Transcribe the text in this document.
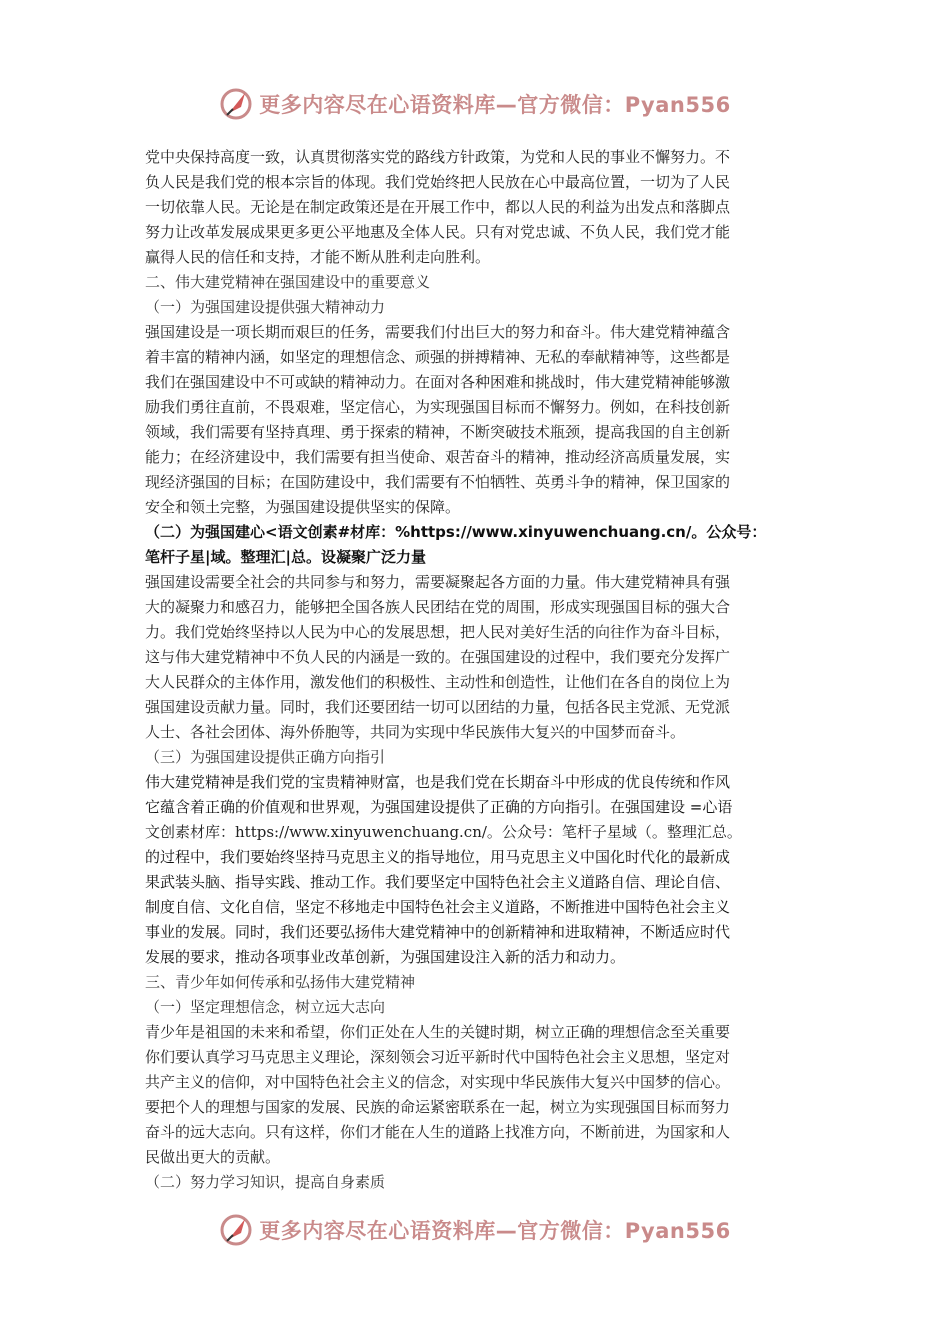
更多内容尽在心语资料库—官方微信：Pyan556

党中央保持高度一致，认真贯彻落实党的路线方针政策，为党和人民的事业不懈努力。不

负人民是我们党的根本宗旨的体现。我们党始终把人民放在心中最高位置，一切为了人民

一切依靠人民。无论是在制定政策还是在开展工作中，都以人民的利益为出发点和落脚点

努力让改革发展成果更多更公平地惠及全体人民。只有对党忠诚、不负人民，我们党才能

赢得人民的信任和支持，才能不断从胜利走向胜利。

二、伟大建党精神在强国建设中的重要意义

（一）为强国建设提供强大精神动力

强国建设是一项长期而艰巨的任务，需要我们付出巨大的努力和奋斗。伟大建党精神蕴含

着丰富的精神内涵，如坚定的理想信念、顽强的拼搏精神、无私的奉献精神等，这些都是

我们在强国建设中不可或缺的精神动力。在面对各种困难和挑战时，伟大建党精神能够激

励我们勇往直前，不畏艰难，坚定信心，为实现强国目标而不懈努力。例如，在科技创新

领域，我们需要有坚持真理、勇于探索的精神，不断突破技术瓶颈，提高我国的自主创新

能力；在经济建设中，我们需要有担当使命、艰苦奋斗的精神，推动经济高质量发展，实

现经济强国的目标；在国防建设中，我们需要有不怕牺牲、英勇斗争的精神，保卫国家的

安全和领土完整，为强国建设提供坚实的保障。

（二）为强国建心<语文创素#材库：%https://www.xinyuwenchuang.cn/。公众号：

笔杆子星|域。整理汇|总。设凝聚广泛力量

强国建设需要全社会的共同参与和努力，需要凝聚起各方面的力量。伟大建党精神具有强

大的凝聚力和感召力，能够把全国各族人民团结在党的周围，形成实现强国目标的强大合

力。我们党始终坚持以人民为中心的发展思想，把人民对美好生活的向往作为奋斗目标，

这与伟大建党精神中不负人民的内涵是一致的。在强国建设的过程中，我们要充分发挥广

大人民群众的主体作用，激发他们的积极性、主动性和创造性，让他们在各自的岗位上为

强国建设贡献力量。同时，我们还要团结一切可以团结的力量，包括各民主党派、无党派

人士、各社会团体、海外侨胞等，共同为实现中华民族伟大复兴的中国梦而奋斗。

（三）为强国建设提供正确方向指引

伟大建党精神是我们党的宝贵精神财富，也是我们党在长期奋斗中形成的优良传统和作风

它蕴含着正确的价值观和世界观，为强国建设提供了正确的方向指引。在强国建设 =心语

文创素材库：https://www.xinyuwenchuang.cn/。公众号：笔杆子星域（。整理汇总。

的过程中，我们要始终坚持马克思主义的指导地位，用马克思主义中国化时代化的最新成

果武装头脑、指导实践、推动工作。我们要坚定中国特色社会主义道路自信、理论自信、

制度自信、文化自信，坚定不移地走中国特色社会主义道路，不断推进中国特色社会主义

事业的发展。同时，我们还要弘扬伟大建党精神中的创新精神和进取精神，不断适应时代

发展的要求，推动各项事业改革创新，为强国建设注入新的活力和动力。

三、青少年如何传承和弘扬伟大建党精神

（一）坚定理想信念，树立远大志向

青少年是祖国的未来和希望，你们正处在人生的关键时期，树立正确的理想信念至关重要

你们要认真学习马克思主义理论，深刻领会习近平新时代中国特色社会主义思想，坚定对

共产主义的信仰，对中国特色社会主义的信念，对实现中华民族伟大复兴中国梦的信心。

要把个人的理想与国家的发展、民族的命运紧密联系在一起，树立为实现强国目标而努力

奋斗的远大志向。只有这样，你们才能在人生的道路上找准方向，不断前进，为国家和人

民做出更大的贡献。

（二）努力学习知识，提高自身素质

更多内容尽在心语资料库—官方微信：Pyan556
